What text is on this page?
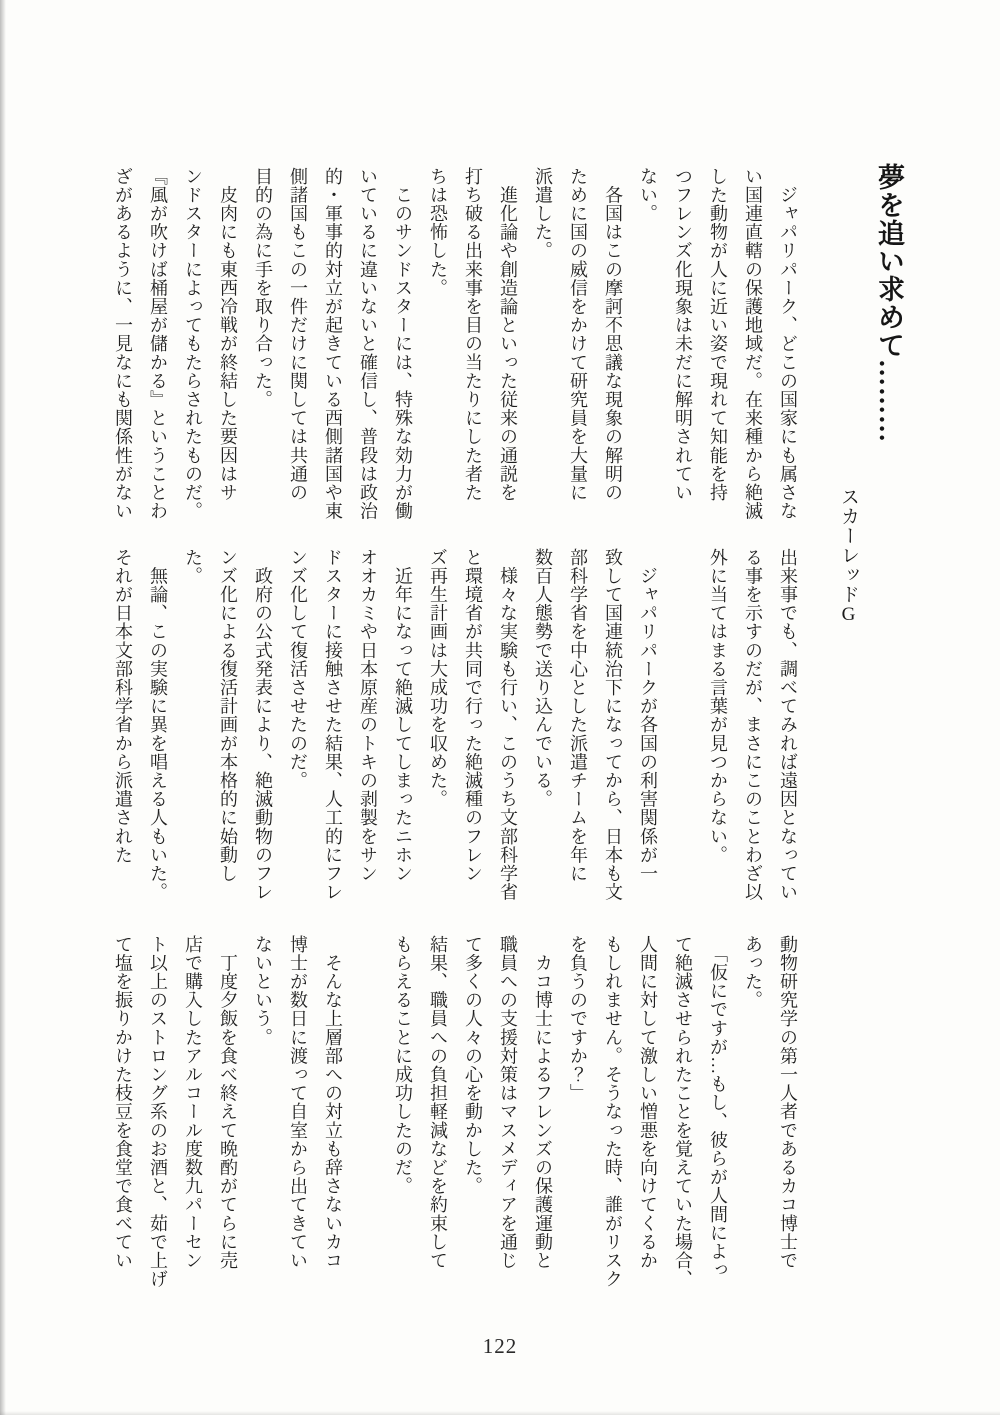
夢を追い求めて………
スカーレッドG
　ジャパリパーク、どこの国家にも属さな
い国連直轄の保護地域だ。在来種から絶滅
した動物が人に近い姿で現れて知能を持
つフレンズ化現象は未だに解明されてい
ない。
　各国はこの摩訶不思議な現象の解明の
ために国の威信をかけて研究員を大量に
派遣した。
　進化論や創造論といった従来の通説を
打ち破る出来事を目の当たりにした者た
ちは恐怖した。
　このサンドスターには、特殊な効力が働
いているに違いないと確信し、普段は政治
的・軍事的対立が起きている西側諸国や東
側諸国もこの一件だけに関しては共通の
目的の為に手を取り合った。
　皮肉にも東西冷戦が終結した要因はサ
ンドスターによってもたらされたものだ。
『風が吹けば桶屋が儲かる』ということわ
ざがあるように、一見なにも関係性がない
出来事でも、調べてみれば遠因となってい
る事を示すのだが、まさにこのことわざ以
外に当てはまる言葉が見つからない。
　ジャパリパークが各国の利害関係が一
致して国連統治下になってから、日本も文
部科学省を中心とした派遣チームを年に
数百人態勢で送り込んでいる。
　様々な実験も行い、このうち文部科学省
と環境省が共同で行った絶滅種のフレン
ズ再生計画は大成功を収めた。
　近年になって絶滅してしまったニホン
オオカミや日本原産のトキの剥製をサン
ドスターに接触させた結果、人工的にフレ
ンズ化して復活させたのだ。
　政府の公式発表により、絶滅動物のフレ
ンズ化による復活計画が本格的に始動し
た。
　無論、この実験に異を唱える人もいた。
それが日本文部科学省から派遣された
動物研究学の第一人者であるカコ博士で
あった。
　「仮にですが…もし、彼らが人間によっ
て絶滅させられたことを覚えていた場合、
人間に対して激しい憎悪を向けてくるか
もしれません。そうなった時、誰がリスク
を負うのですか？」
　カコ博士によるフレンズの保護運動と
職員への支援対策はマスメディアを通じ
て多くの人々の心を動かした。
結果、職員への負担軽減などを約束して
もらえることに成功したのだ。
　そんな上層部への対立も辞さないカコ
博士が数日に渡って自室から出てきてい
ないという。
　丁度夕飯を食べ終えて晩酌がてらに売
店で購入したアルコール度数九パーセン
ト以上のストロング系のお酒と、茹で上げ
て塩を振りかけた枝豆を食堂で食べてい
122
